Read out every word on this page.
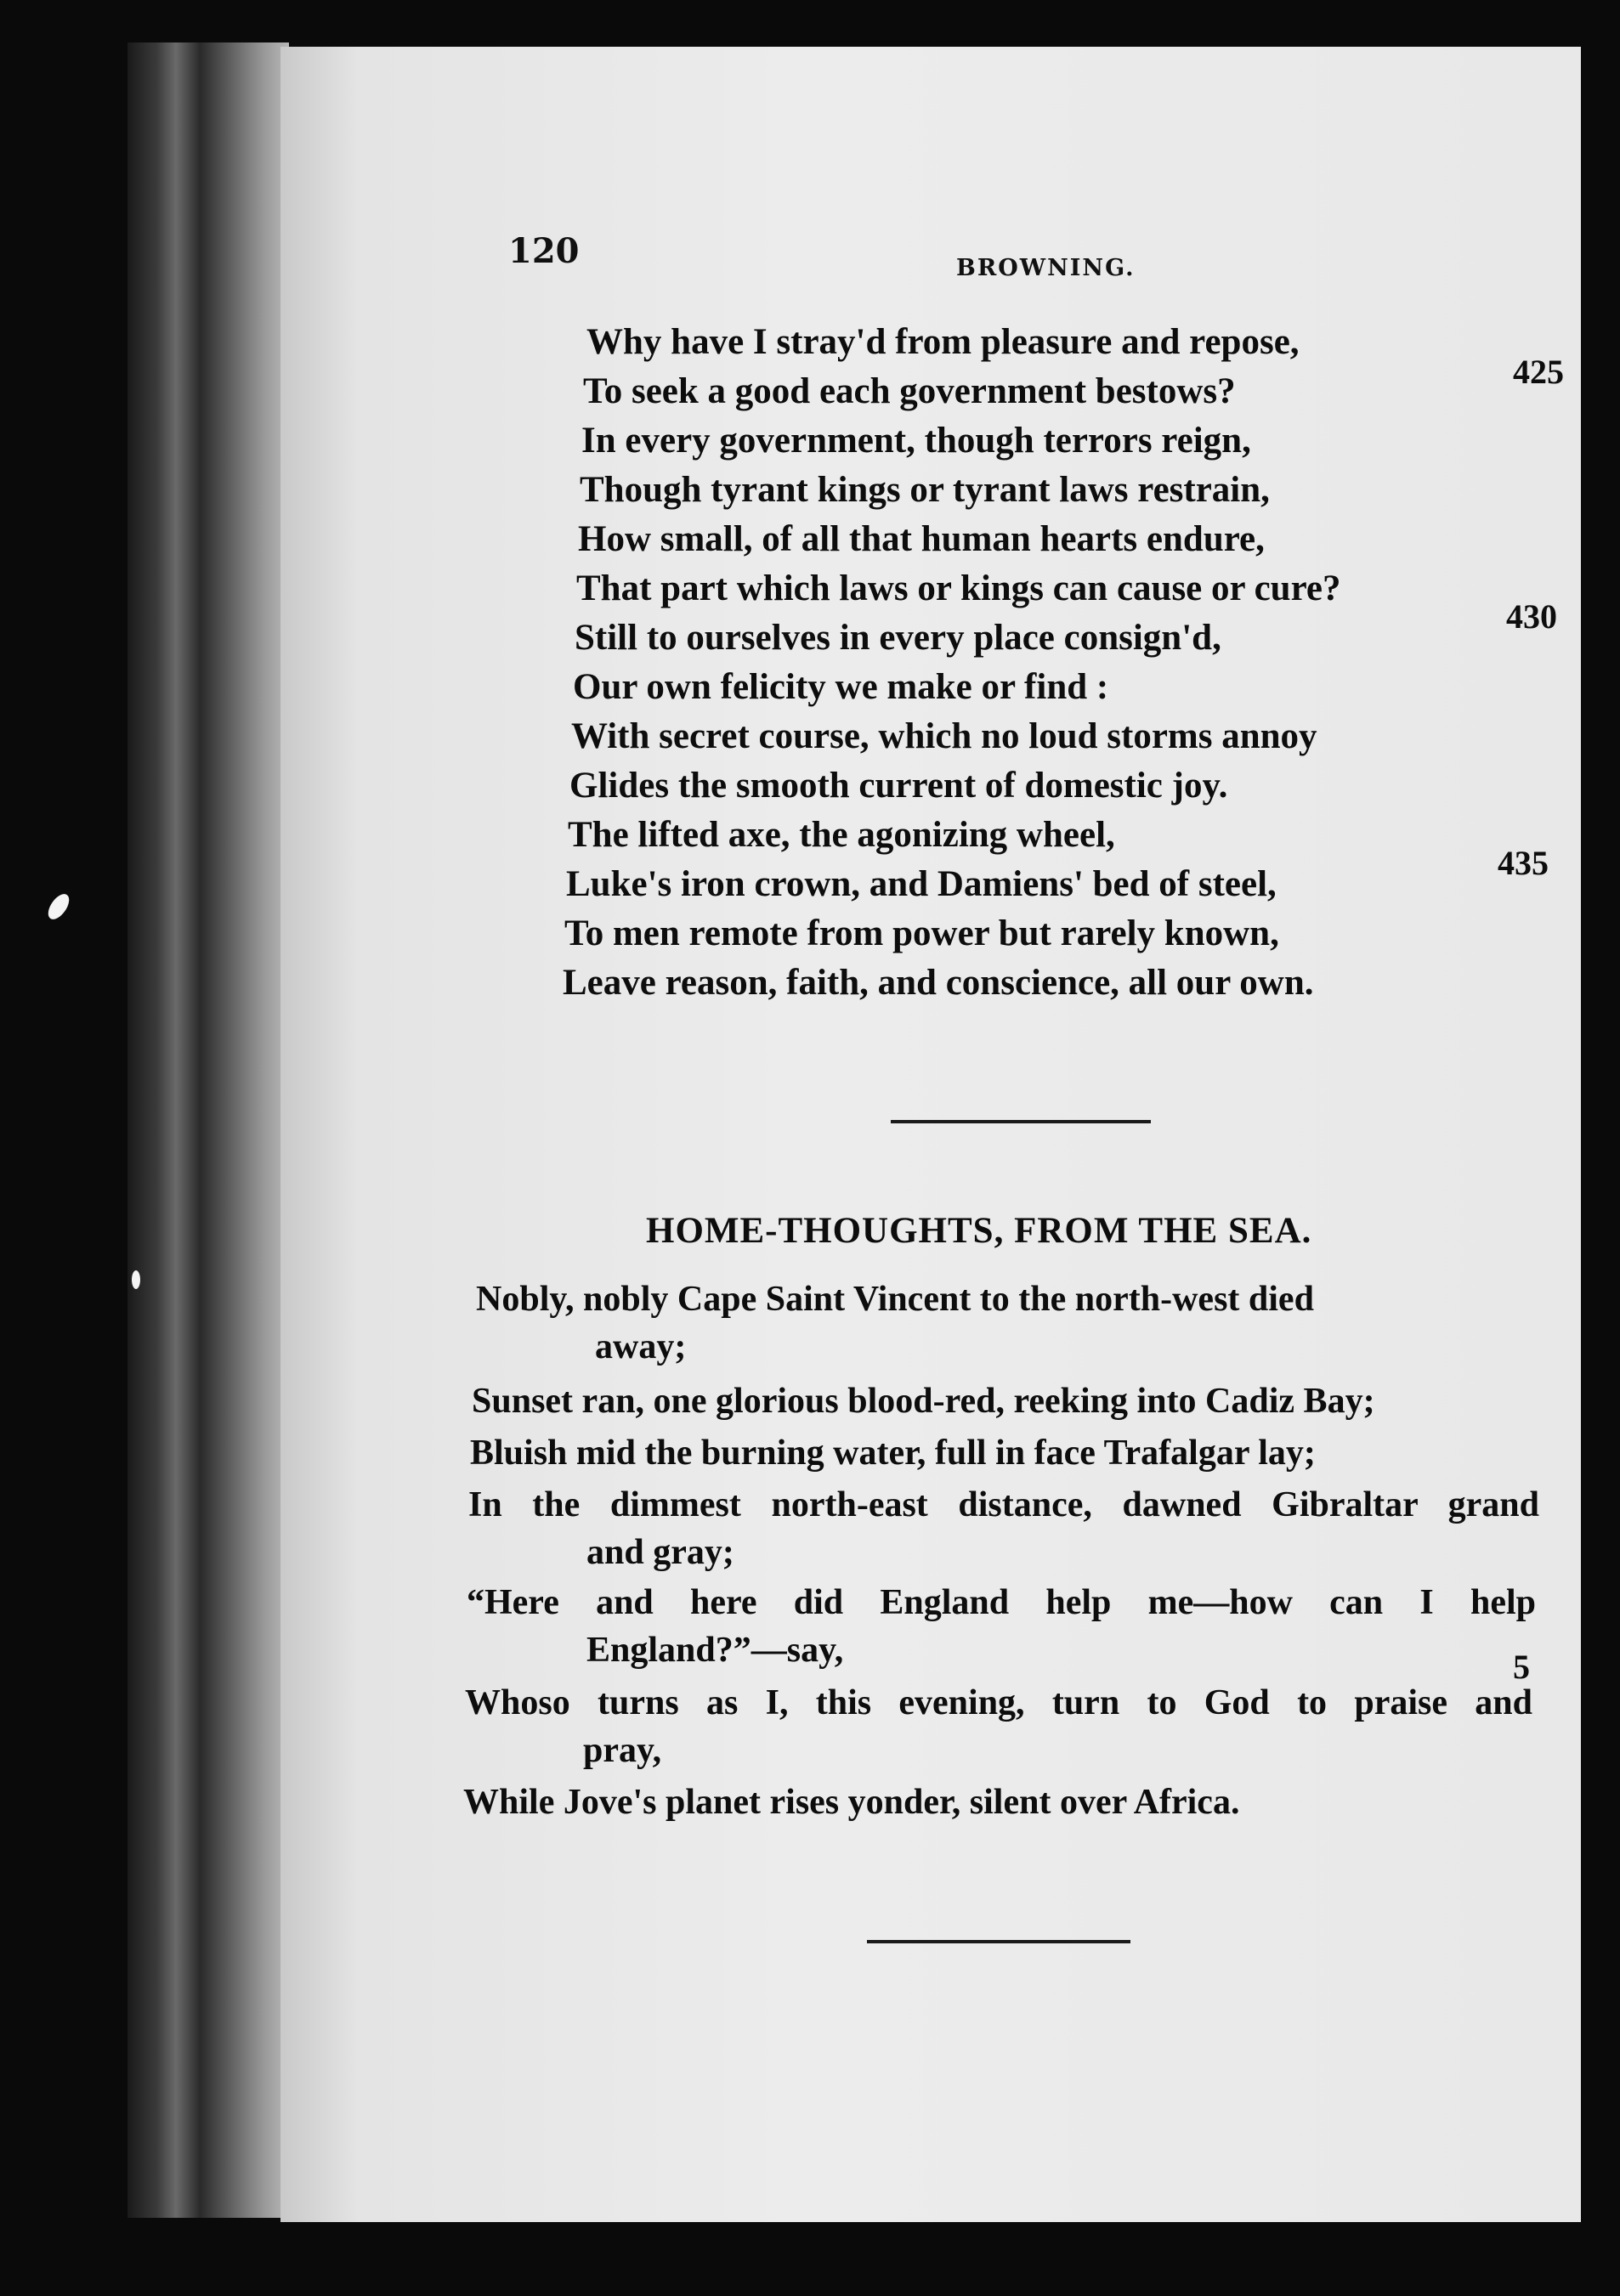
120	BROWNING.
Why have I stray'd from pleasure and repose,
To seek a good each government bestows?
In every government, though terrors reign,
Though tyrant kings or tyrant laws restrain,
How small, of all that human hearts endure,
That part which laws or kings can cause or cure?
Still to ourselves in every place consign'd,
Our own felicity we make or find :
With secret course, which no loud storms annoy
Glides the smooth current of domestic joy.
The lifted axe, the agonizing wheel,
Luke's iron crown, and Damiens' bed of steel,
To men remote from power but rarely known,
Leave reason, faith, and conscience, all our own.
425
430
435
HOME-THOUGHTS, FROM THE SEA.
Nobly, nobly Cape Saint Vincent to the north-west died
away;
Sunset ran, one glorious blood-red, reeking into Cadiz Bay;
Bluish mid the burning water, full in face Trafalgar lay;
In the dimmest north-east distance, dawned Gibraltar grand
and gray;
“Here and here did England help me—how can I help
England?”—say,
Whoso turns as I, this evening, turn to God to praise and
pray,
While Jove's planet rises yonder, silent over Africa.
5
